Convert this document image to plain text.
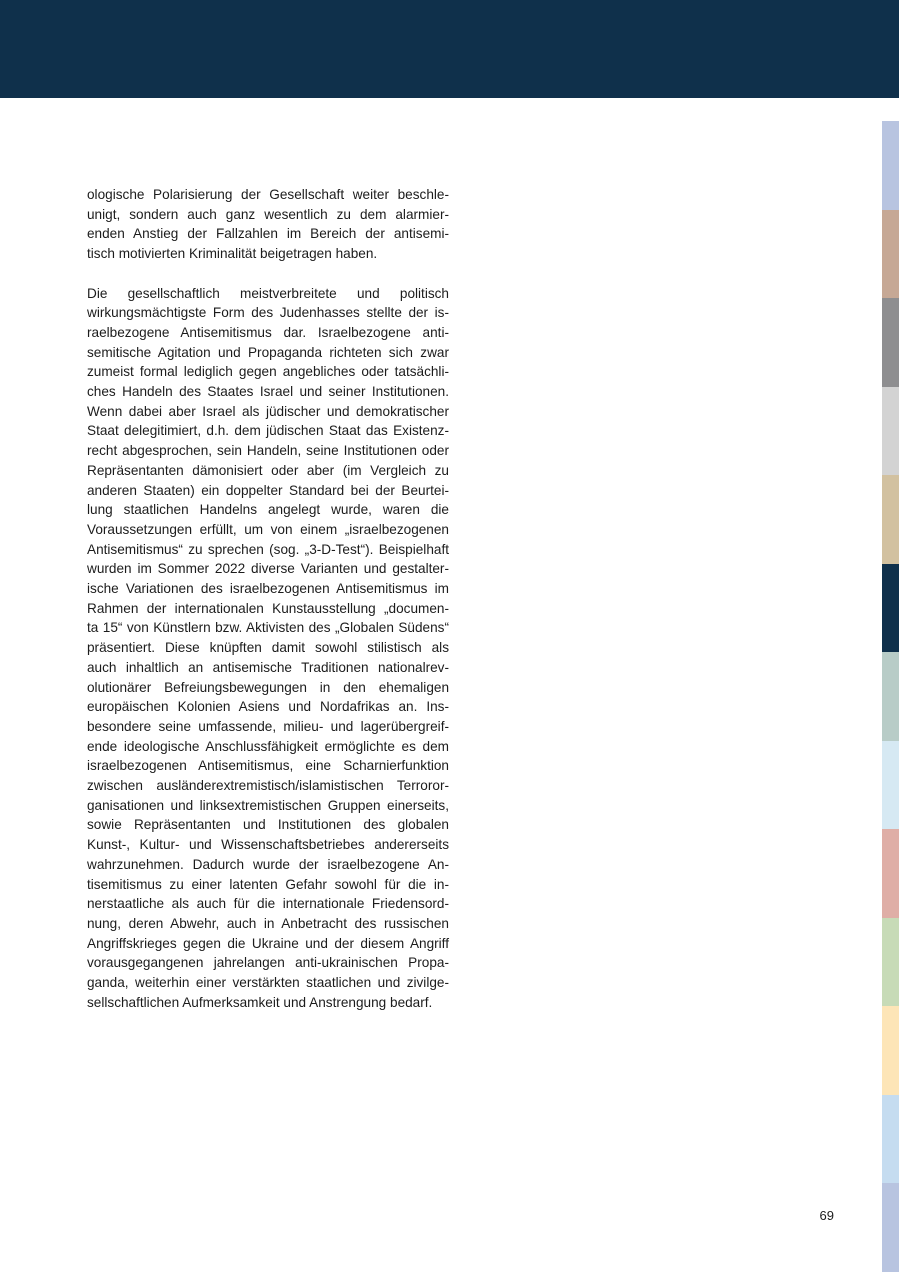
ologische Polarisierung der Gesellschaft weiter beschle-
unigt, sondern auch ganz wesentlich zu dem alarmier-
enden Anstieg der Fallzahlen im Bereich der antisemi-
tisch motivierten Kriminalität beigetragen haben.
Die gesellschaftlich meistverbreitete und politisch
wirkungsmächtigste Form des Judenhasses stellte der is-
raelbezogene Antisemitismus dar. Israelbezogene anti-
semitische Agitation und Propaganda richteten sich zwar
zumeist formal lediglich gegen angebliches oder tatsächli-
ches Handeln des Staates Israel und seiner Institutionen.
Wenn dabei aber Israel als jüdischer und demokratischer
Staat delegitimiert, d.h. dem jüdischen Staat das Existenz-
recht abgesprochen, sein Handeln, seine Institutionen oder
Repräsentanten dämonisiert oder aber (im Vergleich zu
anderen Staaten) ein doppelter Standard bei der Beurtei-
lung staatlichen Handelns angelegt wurde, waren die
Voraussetzungen erfüllt, um von einem „israelbezogenen
Antisemitismus“ zu sprechen (sog. „3-D-Test“). Beispielhaft
wurden im Sommer 2022 diverse Varianten und gestalter-
ische Variationen des israelbezogenen Antisemitismus im
Rahmen der internationalen Kunstausstellung „documen-
ta 15“ von Künstlern bzw. Aktivisten des „Globalen Südens“
präsentiert. Diese knüpften damit sowohl stilistisch als
auch inhaltlich an antisemische Traditionen nationalrev-
olutionärer Befreiungsbewegungen in den ehemaligen
europäischen Kolonien Asiens und Nordafrikas an. Ins-
besondere seine umfassende, milieu- und lagerübergreif-
ende ideologische Anschlussfähigkeit ermöglichte es dem
israelbezogenen Antisemitismus, eine Scharnierfunktion
zwischen ausländerextremistisch/islamistischen Terroror-
ganisationen und linksextremistischen Gruppen einerseits,
sowie Repräsentanten und Institutionen des globalen
Kunst-, Kultur- und Wissenschaftsbetriebes andererseits
wahrzunehmen. Dadurch wurde der israelbezogene An-
tisemitismus zu einer latenten Gefahr sowohl für die in-
nerstaatliche als auch für die internationale Friedensord-
nung, deren Abwehr, auch in Anbetracht des russischen
Angriffskrieges gegen die Ukraine und der diesem Angriff
vorausgegangenen jahrelangen anti-ukrainischen Propa-
ganda, weiterhin einer verstärkten staatlichen und zivilge-
sellschaftlichen Aufmerksamkeit und Anstrengung bedarf.
69
